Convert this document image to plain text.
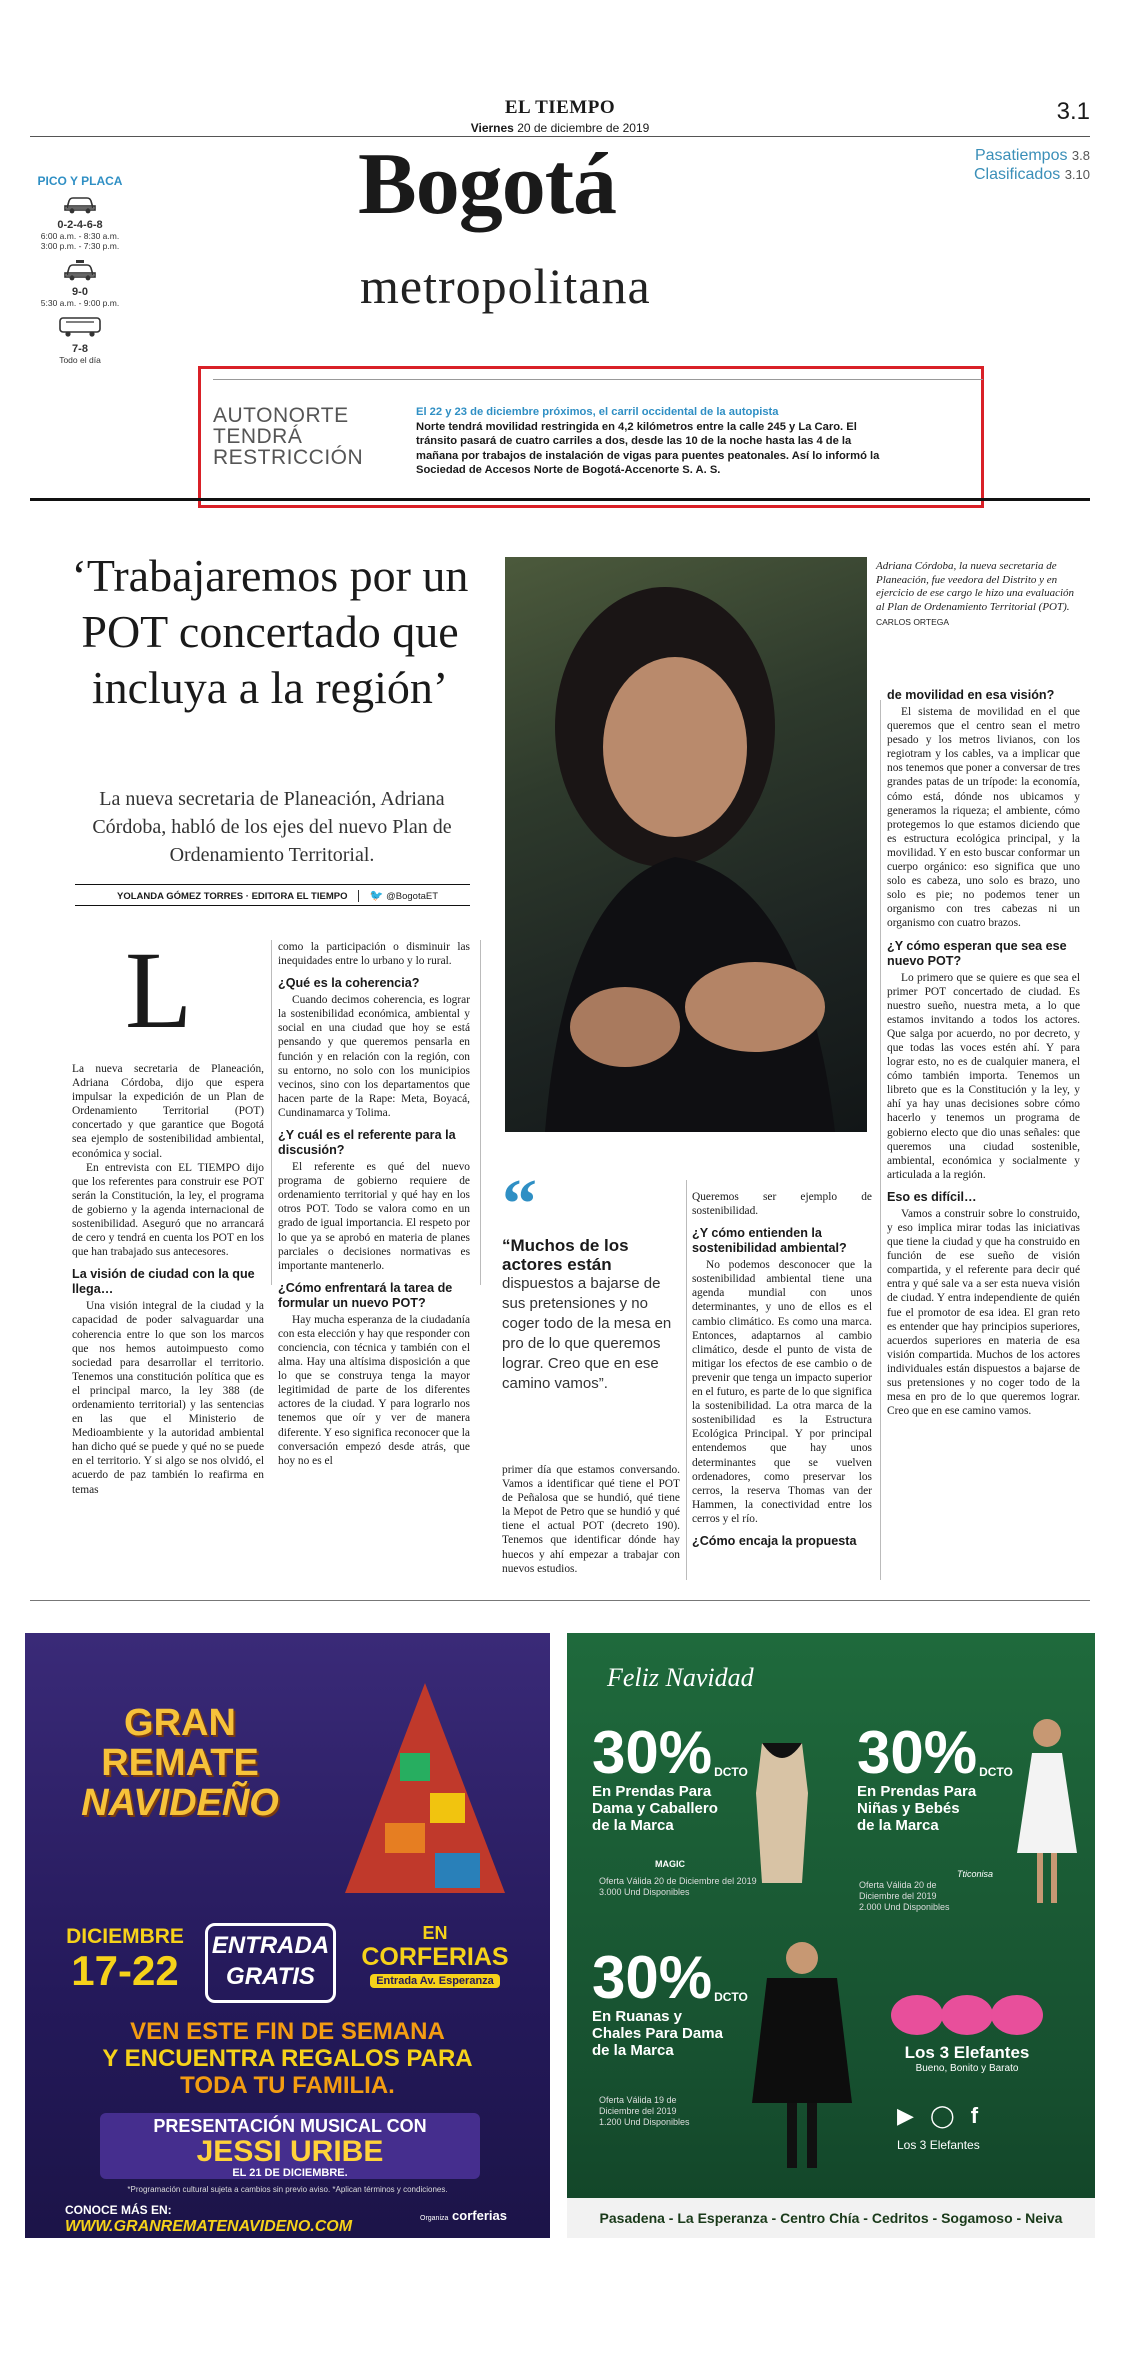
EL TIEMPO
Viernes 20 de diciembre de 2019
3.1
Bogotá
metropolitana
Pasatiempos 3.8
Clasificados 3.10
PICO Y PLACA
0-2-4-6-8
6:00 a.m. - 8:30 a.m.
3:00 p.m. - 7:30 p.m.
9-0
5:30 a.m. - 9:00 p.m.
7-8
Todo el día
AUTONORTE
TENDRÁ
RESTRICCIÓN
El 22 y 23 de diciembre próximos, el carril occidental de la autopista
Norte tendrá movilidad restringida en 4,2 kilómetros entre la calle 245 y La Caro. El tránsito pasará de cuatro carriles a dos, desde las 10 de la noche hasta las 4 de la mañana por trabajos de instalación de vigas para puentes peatonales. Así lo informó la Sociedad de Accesos Norte de Bogotá-Accenorte S. A. S.
‘Trabajaremos por un POT concertado que incluya a la región’
La nueva secretaria de Planeación, Adriana Córdoba, habló de los ejes del nuevo Plan de Ordenamiento Territorial.
YOLANDA GÓMEZ TORRES · EDITORA EL TIEMPO 🐦 @BogotaET
Adriana Córdoba, la nueva secretaria de Planeación, fue veedora del Distrito y en ejercicio de ese cargo le hizo una evaluación al Plan de Ordenamiento Territorial (POT).
CARLOS ORTEGA
L

La nueva secretaria de Planeación, Adriana Córdoba, dijo que espera impulsar la expedición de un Plan de Ordenamiento Territorial (POT) concertado y que garantice que Bogotá sea ejemplo de sostenibilidad ambiental, económica y social.

En entrevista con EL TIEMPO dijo que los referentes para construir ese POT serán la Constitución, la ley, el programa de gobierno y la agenda internacional de sostenibilidad. Aseguró que no arrancará de cero y tendrá en cuenta los POT en los que han trabajado sus antecesores.

La visión de ciudad con la que llega…

Una visión integral de la ciudad y la capacidad de poder salvaguardar una coherencia entre lo que son los marcos que nos hemos autoimpuesto como sociedad para desarrollar el territorio. Tenemos una constitución política que es el principal marco, la ley 388 (de ordenamiento territorial) y las sentencias en las que el Ministerio de Medioambiente y la autoridad ambiental han dicho qué se puede y qué no se puede en el territorio. Y si algo se nos olvidó, el acuerdo de paz también lo reafirma en temas

como la participación o disminuir las inequidades entre lo urbano y lo rural.

¿Qué es la coherencia?

Cuando decimos coherencia, es lograr la sostenibilidad económica, ambiental y social en una ciudad que hoy se está pensando y que queremos pensarla en función y en relación con la región, con su entorno, no solo con los municipios vecinos, sino con los departamentos que hacen parte de la Rape: Meta, Boyacá, Cundinamarca y Tolima.

¿Y cuál es el referente para la discusión?

El referente es qué del nuevo programa de gobierno requiere de ordenamiento territorial y qué hay en los otros POT. Todo se valora como en un grado de igual importancia. El respeto por lo que ya se aprobó en materia de planes parciales o decisiones normativas es importante mantenerlo.

¿Cómo enfrentará la tarea de formular un nuevo POT?

Hay mucha esperanza de la ciudadanía con esta elección y hay que responder con conciencia, con técnica y también con el alma. Hay una altísima disposición a que lo que se construya tenga la mayor legitimidad de parte de los diferentes actores de la ciudad. Y para lograrlo nos tenemos que oír y ver de manera diferente. Y eso significa reconocer que la conversación empezó desde atrás, que hoy no es el

“
“Muchos de los actores están
dispuestos a bajarse de sus pretensiones y no coger todo de la mesa en pro de lo que queremos lograr. Creo que en ese camino vamos”.

primer día que estamos conversando. Vamos a identificar qué tiene el POT de Peñalosa que se hundió, qué tiene la Mepot de Petro que se hundió y qué tiene el actual POT (decreto 190). Tenemos que identificar dónde hay huecos y ahí empezar a trabajar con nuevos estudios.

Queremos ser ejemplo de sostenibilidad.

¿Y cómo entienden la sostenibilidad ambiental?

No podemos desconocer que la sostenibilidad ambiental tiene una agenda mundial con unos determinantes, y uno de ellos es el cambio climático. Es como una marca. Entonces, adaptarnos al cambio climático, desde el punto de vista de mitigar los efectos de ese cambio o de prevenir que tenga un impacto superior en el futuro, es parte de lo que significa la sostenibilidad. La otra marca de la sostenibilidad es la Estructura Ecológica Principal. Y por principal entendemos que hay unos determinantes que se vuelven ordenadores, como preservar los cerros, la reserva Thomas van der Hammen, la conectividad entre los cerros y el río.

¿Cómo encaja la propuesta
de movilidad en esa visión?

El sistema de movilidad en el que queremos que el centro sean el metro pesado y los metros livianos, con los regiotram y los cables, va a implicar que nos tenemos que poner a conversar de tres grandes patas de un trípode: la economía, cómo está, dónde nos ubicamos y generamos la riqueza; el ambiente, cómo protegemos lo que estamos diciendo que es estructura ecológica principal, y la movilidad. Y en esto buscar conformar un cuerpo orgánico: eso significa que uno solo es cabeza, uno solo es brazo, uno solo es pie; no podemos tener un organismo con tres cabezas ni un organismo con cuatro brazos.

¿Y cómo esperan que sea ese nuevo POT?

Lo primero que se quiere es que sea el primer POT concertado de ciudad. Es nuestro sueño, nuestra meta, a lo que estamos invitando a todos los actores. Que salga por acuerdo, no por decreto, y que todas las voces estén ahí. Y para lograr esto, no es de cualquier manera, el cómo también importa. Tenemos un libreto que es la Constitución y la ley, y ahí ya hay unas decisiones sobre cómo hacerlo y tenemos un programa de gobierno electo que dio unas señales: que queremos una ciudad sostenible, ambiental, económica y socialmente y articulada a la región.

Eso es difícil…

Vamos a construir sobre lo construido, y eso implica mirar todas las iniciativas que tiene la ciudad y que ha construido en función de ese sueño de visión compartida, y el referente para decir qué entra y qué sale va a ser esta nueva visión de ciudad. Y entra independiente de quién fue el promotor de esa idea. El gran reto es entender que hay principios superiores, acuerdos superiores en materia de esa visión compartida. Muchos de los actores individuales están dispuestos a bajarse de sus pretensiones y no coger todo de la mesa en pro de lo que queremos lograr. Creo que en ese camino vamos.

GRAN
REMATE
NAVIDEÑO
DICIEMBRE
17-22
ENTRADA
GRATIS
EN
CORFERIAS
Entrada Av. Esperanza
VEN ESTE FIN DE SEMANA
Y ENCUENTRA REGALOS PARA
TODA TU FAMILIA.
PRESENTACIÓN MUSICAL CON
JESSI URIBE
EL 21 DE DICIEMBRE.
*Programación cultural sujeta a cambios sin previo aviso. *Aplican términos y condiciones.
CONOCE MÁS EN:
WWW.GRANREMATENAVIDENO.COM	Organiza corferias
Feliz Navidad
30% DCTO
En Prendas Para
Dama y Caballero
de la Marca
MAGIC
Oferta Válida 20 de Diciembre del 2019
3.000 Und Disponibles
30% DCTO
En Prendas Para
Niñas y Bebés
de la Marca
Tticonisa
Oferta Válida 20 de
Diciembre del 2019
2.000 Und Disponibles
30% DCTO
En Ruanas y
Chales Para Dama
de la Marca
Oferta Válida 19 de
Diciembre del 2019
1.200 Und Disponibles
Los 3 Elefantes
Bueno, Bonito y Barato
▶ ◯ f
Los 3 Elefantes
Pasadena - La Esperanza - Centro Chía - Cedritos - Sogamoso - Neiva
